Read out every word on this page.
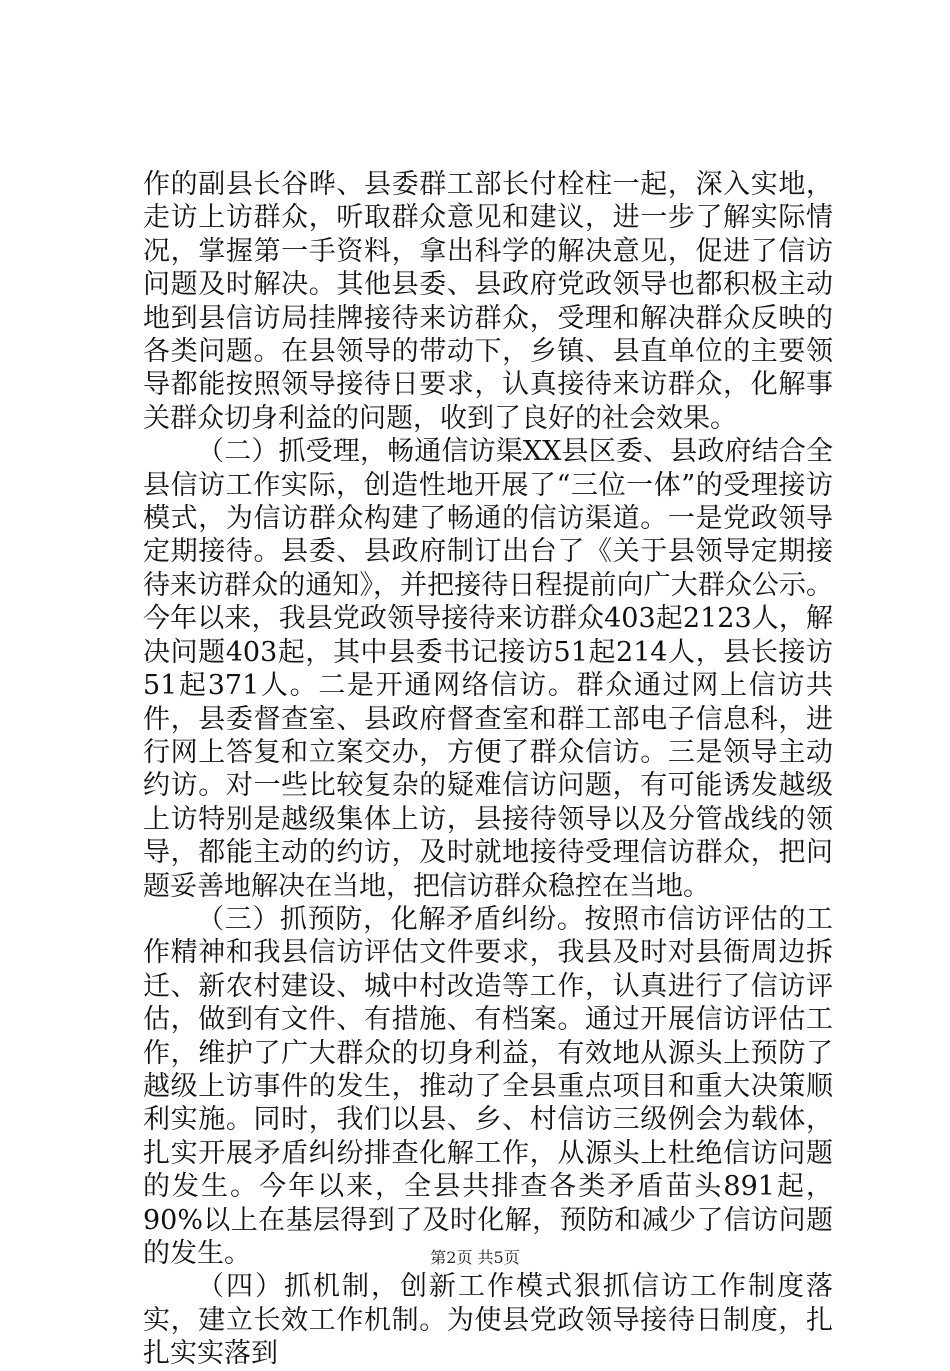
作的副县长谷晔、县委群工部长付栓柱一起，深入实地，走访上访群众，听取群众意见和建议，进一步了解实际情况，掌握第一手资料，拿出科学的解决意见，促进了信访问题及时解决。其他县委、县政府党政领导也都积极主动地到县信访局挂牌接待来访群众，受理和解决群众反映的各类问题。在县领导的带动下，乡镇、县直单位的主要领导都能按照领导接待日要求，认真接待来访群众，化解事关群众切身利益的问题，收到了良好的社会效果。

（二）抓受理，畅通信访渠XX县区委、县政府结合全县信访工作实际，创造性地开展了“三位一体”的受理接访模式，为信访群众构建了畅通的信访渠道。一是党政领导定期接待。县委、县政府制订出台了《关于县领导定期接待来访群众的通知》，并把接待日程提前向广大群众公示。今年以来，我县党政领导接待来访群众403起2123人，解决问题403起，其中县委书记接访51起214人，县长接访51起371人。二是开通网络信访。群众通过网上信访共件，县委督查室、县政府督查室和群工部电子信息科，进行网上答复和立案交办，方便了群众信访。三是领导主动约访。对一些比较复杂的疑难信访问题，有可能诱发越级上访特别是越级集体上访，县接待领导以及分管战线的领导，都能主动的约访，及时就地接待受理信访群众，把问题妥善地解决在当地，把信访群众稳控在当地。

（三）抓预防，化解矛盾纠纷。按照市信访评估的工作精神和我县信访评估文件要求，我县及时对县衙周边拆迁、新农村建设、城中村改造等工作，认真进行了信访评估，做到有文件、有措施、有档案。通过开展信访评估工作，维护了广大群众的切身利益，有效地从源头上预防了越级上访事件的发生，推动了全县重点项目和重大决策顺利实施。同时，我们以县、乡、村信访三级例会为载体，扎实开展矛盾纠纷排查化解工作，从源头上杜绝信访问题的发生。今年以来，全县共排查各类矛盾苗头891起，90%以上在基层得到了及时化解，预防和减少了信访问题的发生。

（四）抓机制，创新工作模式狠抓信访工作制度落实，建立长效工作机制。为使县党政领导接待日制度，扎扎实实落到

第2页 共5页
